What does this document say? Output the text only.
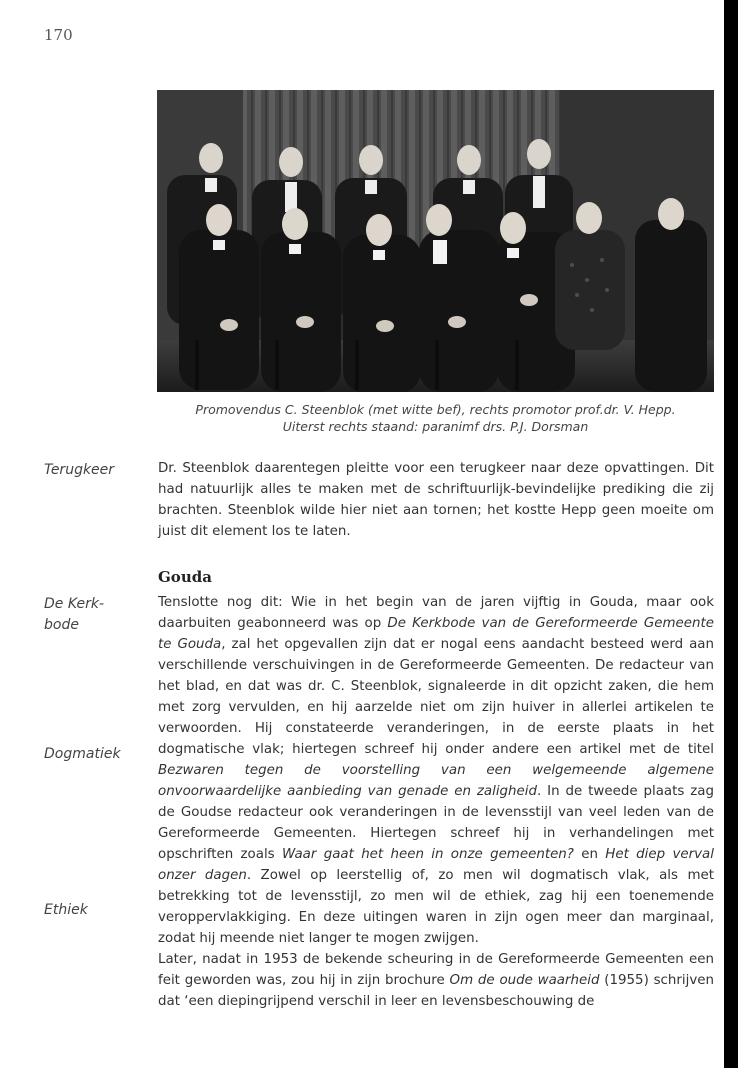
170
Promovendus C. Steenblok (met witte bef), rechts promotor prof.dr. V. Hepp.
Uiterst rechts staand: paranimf drs. P.J. Dorsman
Terugkeer	Dr. Steenblok daarentegen pleitte voor een terugkeer naar deze opvattingen. Dit had natuurlijk alles te maken met de schriftuurlijk-bevindelijke prediking die zij brachten. Steenblok wilde hier niet aan tornen; het kostte Hepp geen moeite om juist dit element los te laten.

Gouda
De Kerk-
bode
Dogmatiek
Ethiek

Tenslotte nog dit: Wie in het begin van de jaren vijftig in Gouda, maar ook daarbuiten geabonneerd was op De Kerkbode van de Gereformeerde Gemeente te Gouda, zal het opgevallen zijn dat er nogal eens aandacht besteed werd aan verschillende verschuivingen in de Gereformeerde Gemeenten. De redacteur van het blad, en dat was dr. C. Steenblok, signaleerde in dit opzicht zaken, die hem met zorg vervulden, en hij aarzelde niet om zijn huiver in allerlei artikelen te verwoorden. Hij constateerde veranderingen, in de eerste plaats in het dogmatische vlak; hiertegen schreef hij onder andere een artikel met de titel Bezwaren tegen de voorstelling van een welgemeende algemene onvoorwaardelijke aanbieding van genade en zaligheid. In de tweede plaats zag de Goudse redacteur ook veranderingen in de levensstijl van veel leden van de Gereformeerde Gemeenten. Hiertegen schreef hij in verhandelingen met opschriften zoals Waar gaat het heen in onze gemeenten? en Het diep verval onzer dagen. Zowel op leerstellig of, zo men wil dogmatisch vlak, als met betrekking tot de levensstijl, zo men wil de ethiek, zag hij een toenemende veroppervlakkiging. En deze uitingen waren in zijn ogen meer dan marginaal, zodat hij meende niet langer te mogen zwijgen.

Later, nadat in 1953 de bekende scheuring in de Gereformeerde Gemeenten een feit geworden was, zou hij in zijn brochure Om de oude waarheid (1955) schrijven dat ‘een diepingrijpend verschil in leer en levensbeschouwing de
